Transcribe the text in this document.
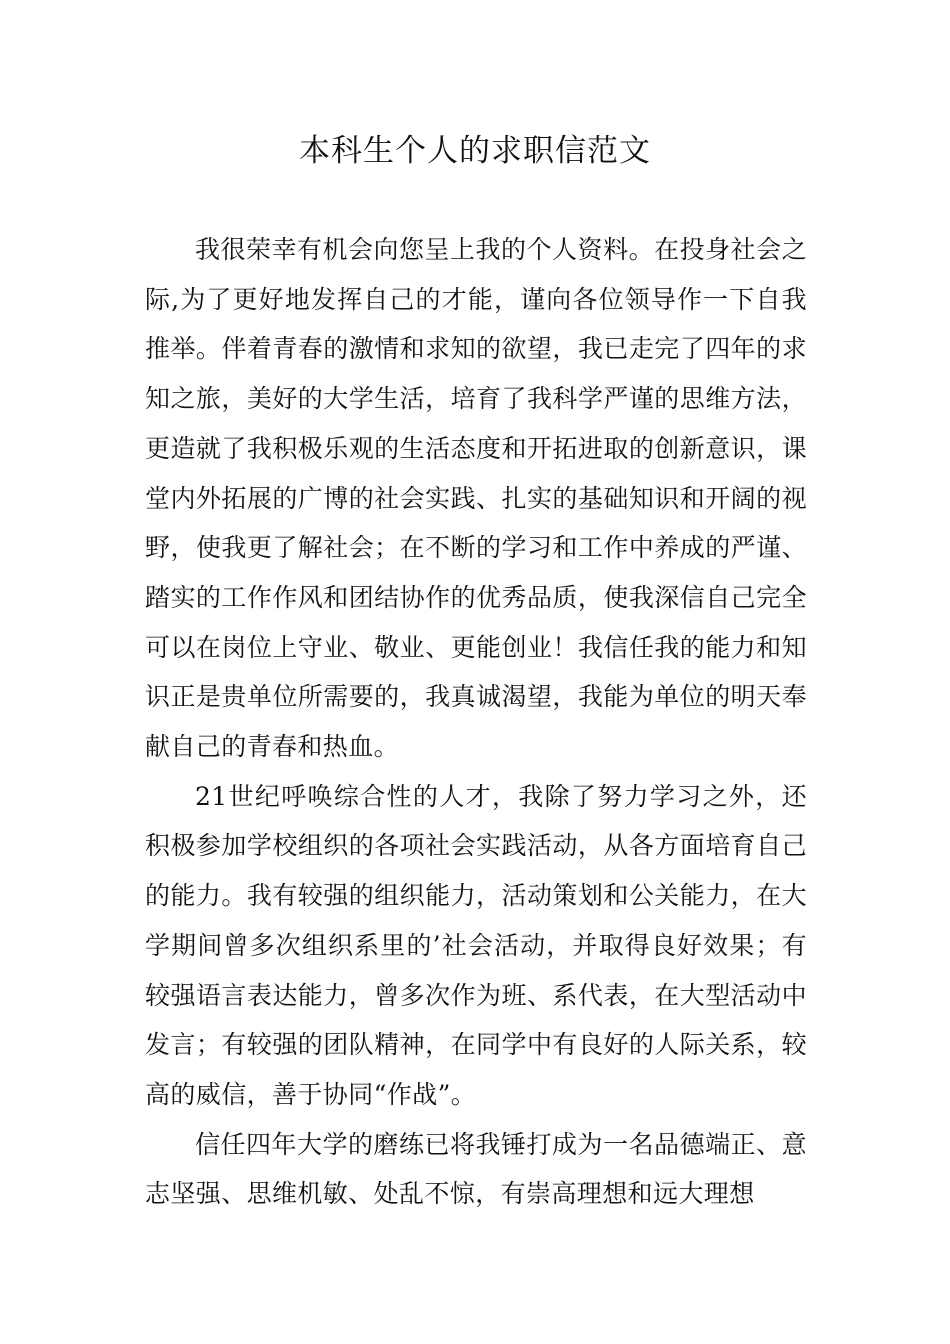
本科生个人的求职信范文

我很荣幸有机会向您呈上我的个人资料。在投身社会之际,为了更好地发挥自己的才能，谨向各位领导作一下自我推举。伴着青春的激情和求知的欲望，我已走完了四年的求知之旅，美好的大学生活，培育了我科学严谨的思维方法，更造就了我积极乐观的生活态度和开拓进取的创新意识，课堂内外拓展的广博的社会实践、扎实的基础知识和开阔的视野，使我更了解社会；在不断的学习和工作中养成的严谨、踏实的工作作风和团结协作的优秀品质，使我深信自己完全可以在岗位上守业、敬业、更能创业！我信任我的能力和知识正是贵单位所需要的，我真诚渴望，我能为单位的明天奉献自己的青春和热血。

21世纪呼唤综合性的人才，我除了努力学习之外，还积极参加学校组织的各项社会实践活动，从各方面培育自己的能力。我有较强的组织能力，活动策划和公关能力，在大学期间曾多次组织系里的’社会活动，并取得良好效果；有较强语言表达能力，曾多次作为班、系代表，在大型活动中发言；有较强的团队精神，在同学中有良好的人际关系，较高的威信，善于协同“作战”。

信任四年大学的磨练已将我锤打成为一名品德端正、意志坚强、思维机敏、处乱不惊，有崇高理想和远大理想
